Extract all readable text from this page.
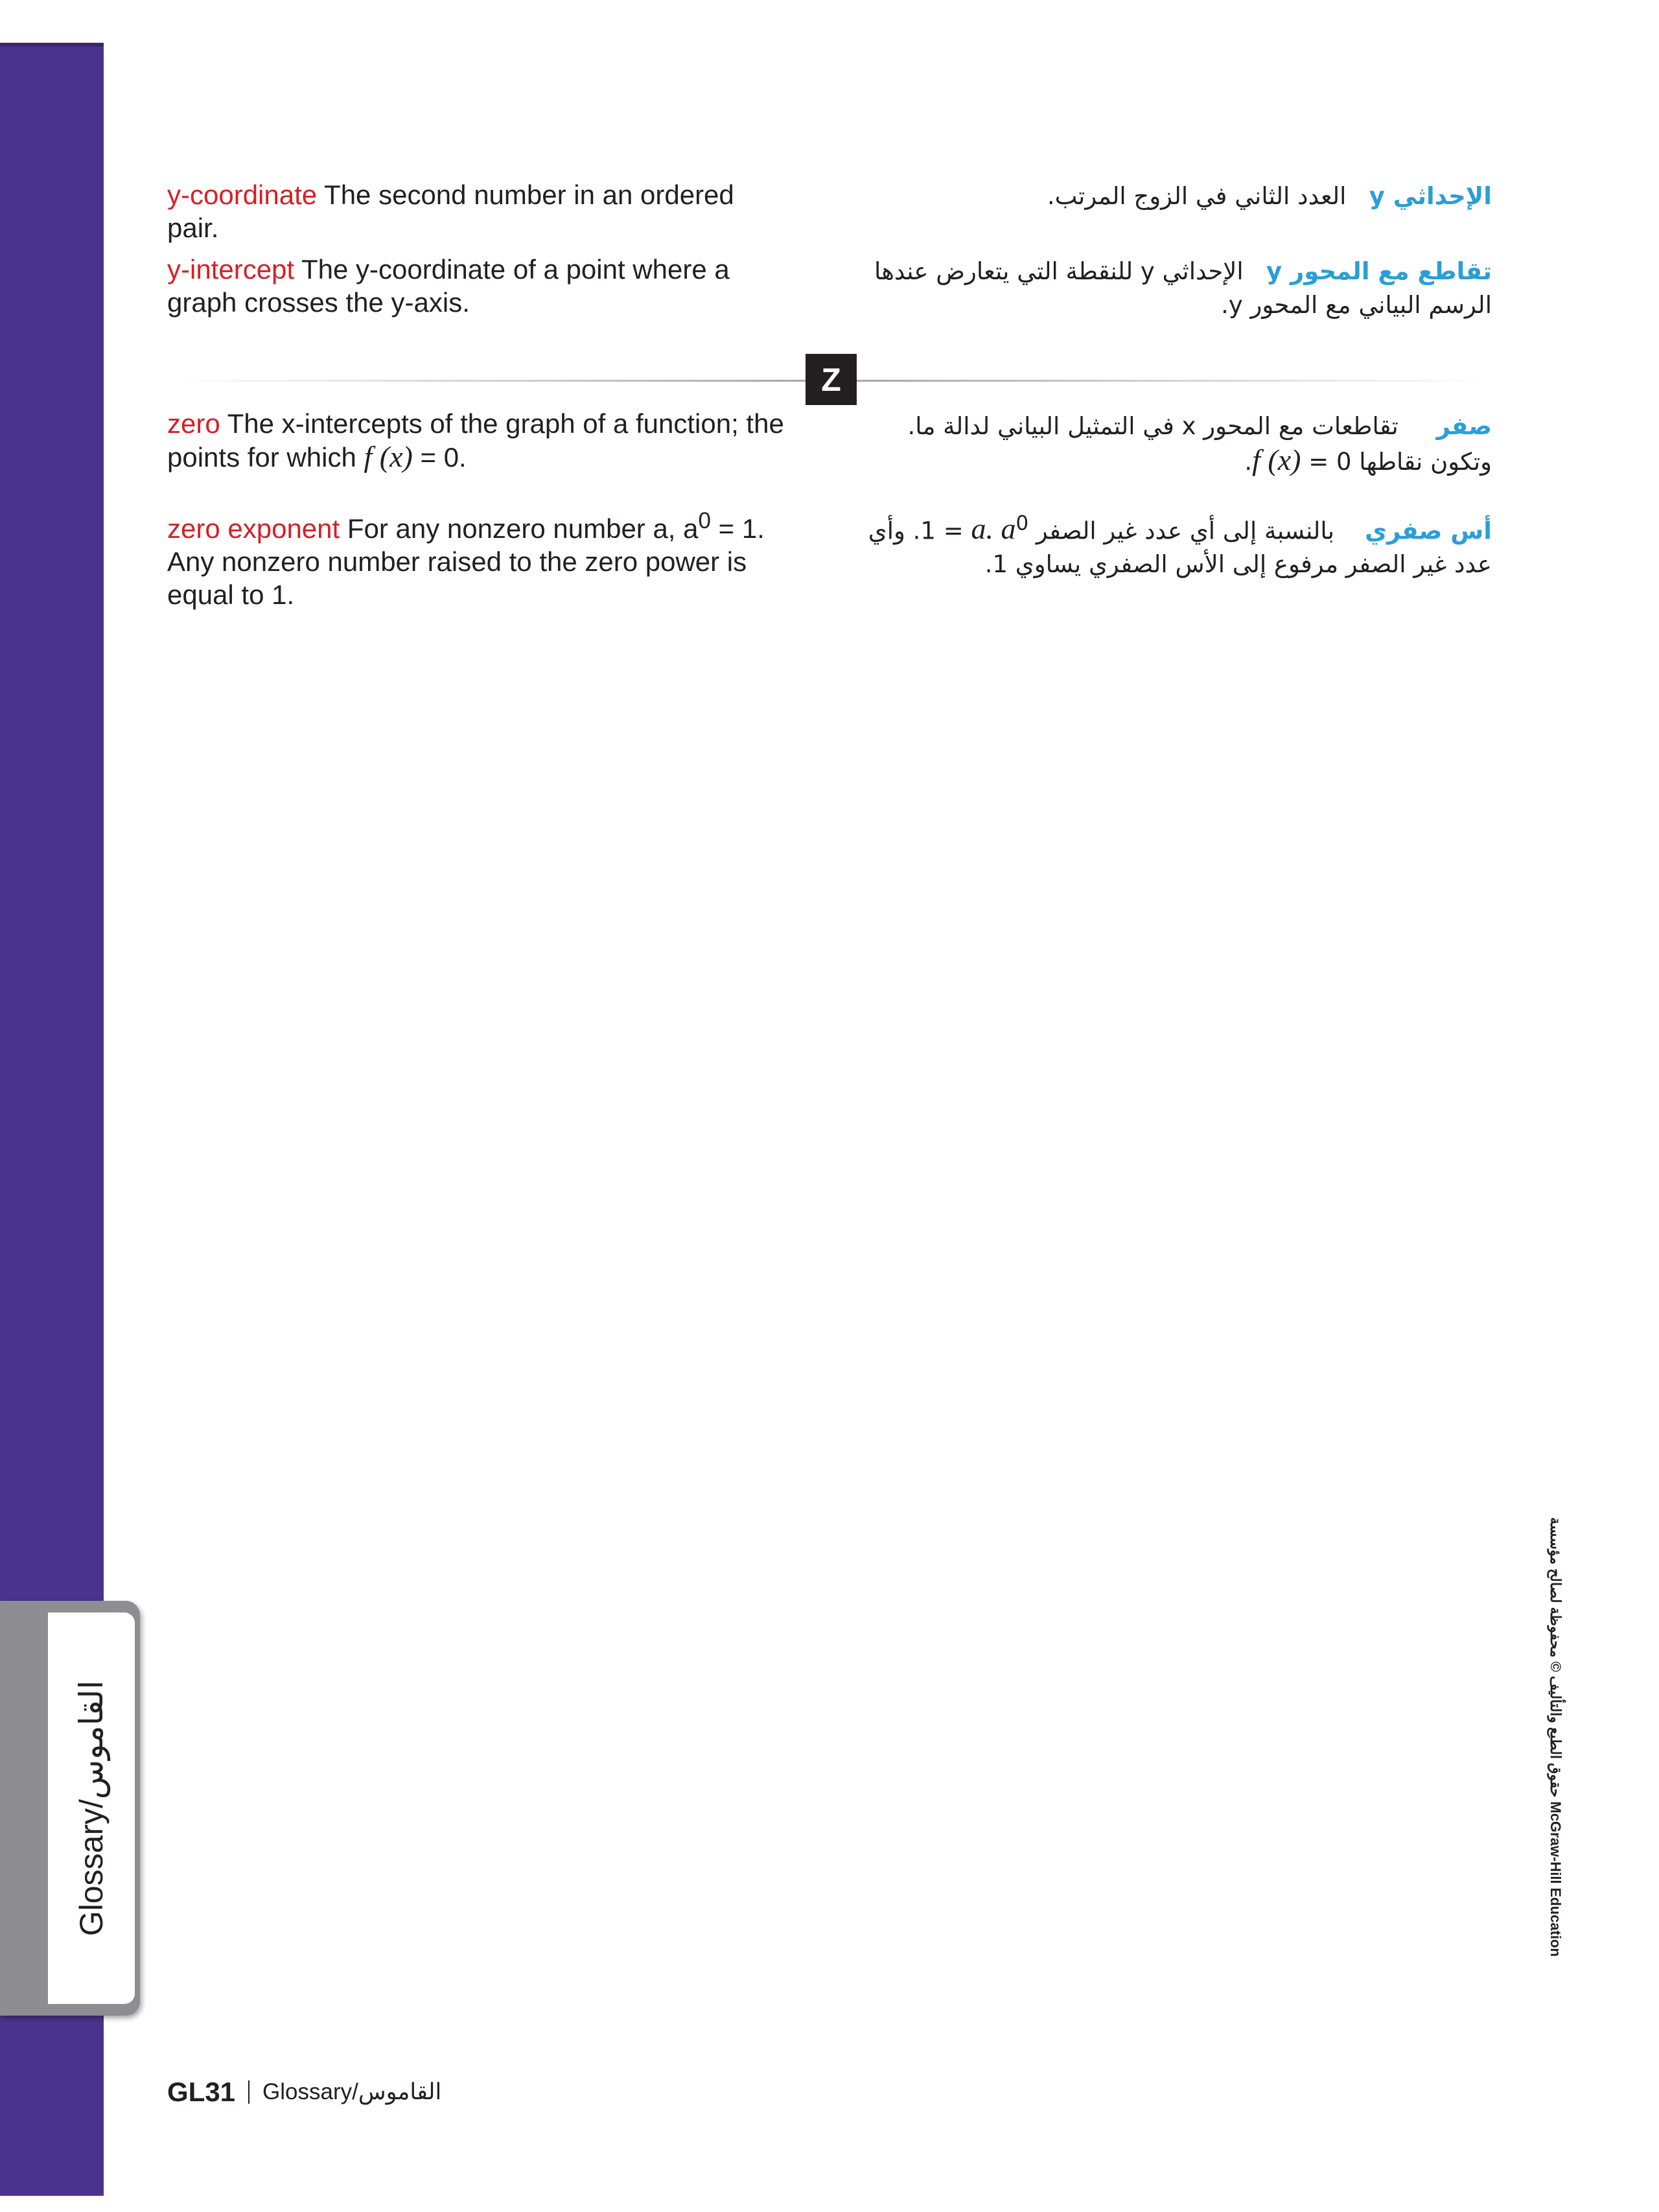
Glossary/
القاموس
y-coordinate The second number in an ordered pair.
الإحداثي y   العدد الثاني في الزوج المرتب.
y-intercept The y-coordinate of a point where a graph crosses the y-axis.
تقاطع مع المحور y   الإحداثي y للنقطة التي يتعارض عندها الرسم البياني مع المحور y.
Z
zero The x-intercepts of the graph of a function; the points for which f (x) = 0.
صفر     تقاطعات مع المحور x في التمثيل البياني لدالة ما. وتكون نقاطها 0 = f (x).
zero exponent For any nonzero number a, $a^0 = 1$. Any nonzero number raised to the zero power is equal to 1.
أس صفري    بالنسبة إلى أي عدد غير الصفر a. $a^0 = 1$. وأي عدد غير الصفر مرفوع إلى الأس الصفري يساوي 1.
GL31 Glossary/ القاموس
حقوق الطبع والتأليف © محفوظة لصالح مؤسسة McGraw-Hill Education
